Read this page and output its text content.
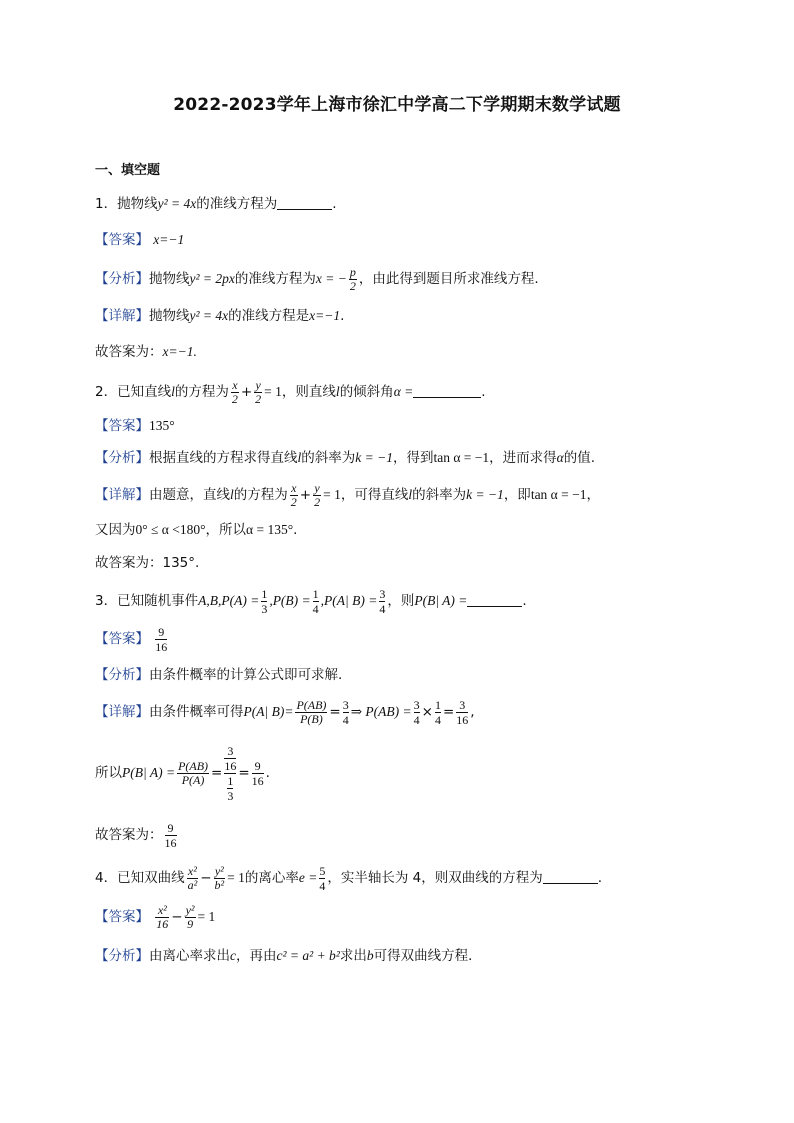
2022-2023学年上海市徐汇中学高二下学期期末数学试题
一、填空题
1．抛物线y² = 4x的准线方程为	.
【答案】 x=−1
【分析】抛物线y² = 2px的准线方程为x = − $\frac{p}{2}$ ，由此得到题目所求准线方程.
【详解】抛物线y² = 4x的准线方程是x=−1.
故答案为：x=−1.
2．已知直线l的方程为 $\frac{x}{2} + \frac{y}{2} = 1$，则直线l的倾斜角α =	.
【答案】135°
【分析】根据直线的方程求得直线l的斜率为k = −1，得到tan α = −1，进而求得α的值.
【详解】由题意，直线l的方程为 $\frac{x}{2} + \frac{y}{2} = 1$，可得直线l的斜率为k = −1，即tan α = −1，
又因为0° ≤ α <180°，所以α = 135°.
故答案为：135°.
3．已知随机事件$A,B,P(A) = \frac{1}{3} ,P(B) = \frac{1}{4} ,P(A|$ $B) = \frac{3}{4}$ ，则P(B| A) =	.
【答案】 $\frac{9}{16}$
【分析】由条件概率的计算公式即可求解.
【详解】由条件概率可得P(A| $B)= \frac{P(AB)}{P(B)} = \frac{3}{4}$ ⇒ $P(AB) = \frac{3}{4} \times \frac{1}{4} = \frac{3}{16}$ ,
所以P(B| $A) = \frac{P(AB)}{P(A)} = \frac{\frac{3}{16}}{\frac{1}{3}} = \frac{9}{16}$ .
故答案为： $\frac{9}{16}$
4．已知双曲线 $\frac{\text{x²}}{\text{a²}} - \frac{\text{y²}}{\text{b²}} = 1$的离心率$e = \frac{5}{4}$ ，实半轴长为 4，则双曲线的方程为	.
【答案】 $\frac{\text{x²}}{16} - \frac{\text{y²}}{9} = 1$
【分析】由离心率求出c，再由c² = a² + b²求出b可得双曲线方程．
